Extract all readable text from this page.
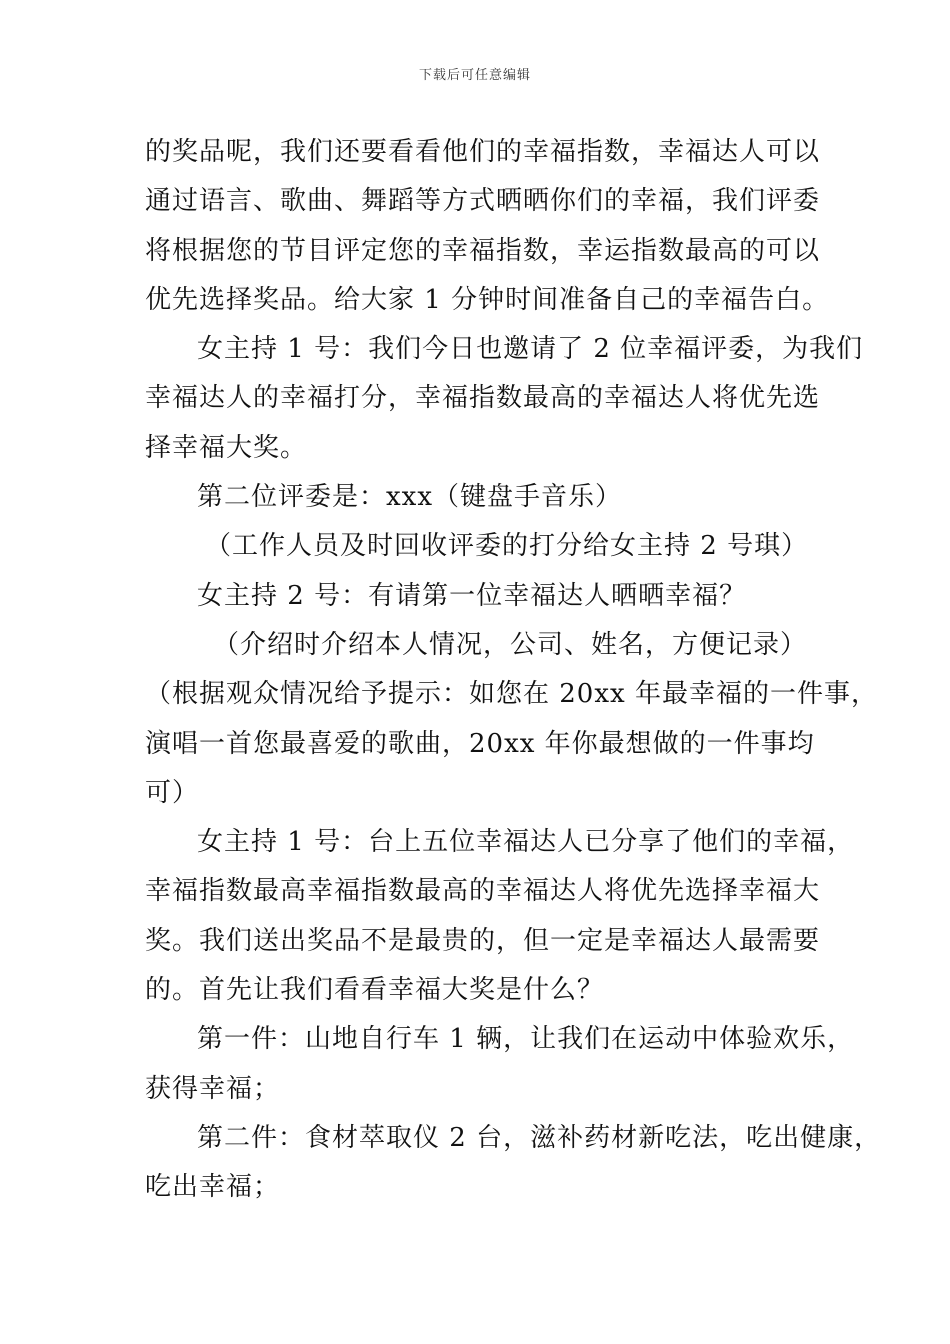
下载后可任意编辑
的奖品呢，我们还要看看他们的幸福指数，幸福达人可以
通过语言、歌曲、舞蹈等方式晒晒你们的幸福，我们评委
将根据您的节目评定您的幸福指数，幸运指数最高的可以
优先选择奖品。给大家 1 分钟时间准备自己的幸福告白。
女主持 1 号：我们今日也邀请了 2 位幸福评委，为我们
幸福达人的幸福打分，幸福指数最高的幸福达人将优先选
择幸福大奖。
第二位评委是：xxx（键盘手音乐）
（工作人员及时回收评委的打分给女主持 2 号琪）
女主持 2 号：有请第一位幸福达人晒晒幸福？
（介绍时介绍本人情况，公司、姓名，方便记录）
（根据观众情况给予提示：如您在 20xx 年最幸福的一件事，
演唱一首您最喜爱的歌曲，20xx 年你最想做的一件事均
可）
女主持 1 号：台上五位幸福达人已分享了他们的幸福，
幸福指数最高幸福指数最高的幸福达人将优先选择幸福大
奖。我们送出奖品不是最贵的，但一定是幸福达人最需要
的。首先让我们看看幸福大奖是什么？
第一件：山地自行车 1 辆，让我们在运动中体验欢乐，
获得幸福；
第二件：食材萃取仪 2 台，滋补药材新吃法，吃出健康，
吃出幸福；
